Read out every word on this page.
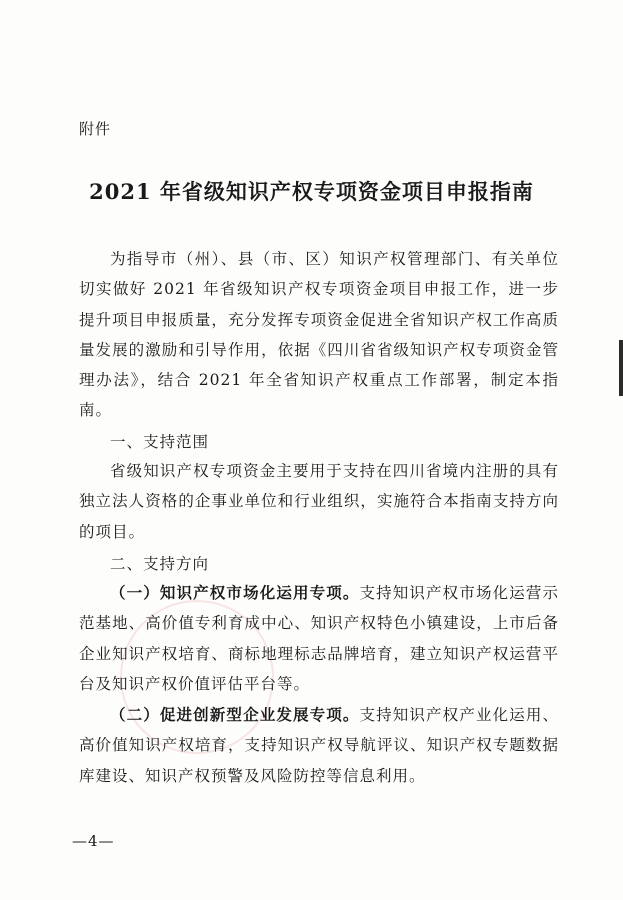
附件
2021 年省级知识产权专项资金项目申报指南
为指导市（州）、县（市、区）知识产权管理部门、有关单位切实做好 2021 年省级知识产权专项资金项目申报工作，进一步提升项目申报质量，充分发挥专项资金促进全省知识产权工作高质量发展的激励和引导作用，依据《四川省省级知识产权专项资金管理办法》，结合 2021 年全省知识产权重点工作部署，制定本指南。
一、支持范围
省级知识产权专项资金主要用于支持在四川省境内注册的具有独立法人资格的企事业单位和行业组织，实施符合本指南支持方向的项目。
二、支持方向
（一）知识产权市场化运用专项。支持知识产权市场化运营示范基地、高价值专利育成中心、知识产权特色小镇建设，上市后备企业知识产权培育、商标地理标志品牌培育，建立知识产权运营平台及知识产权价值评估平台等。
（二）促进创新型企业发展专项。支持知识产权产业化运用、高价值知识产权培育，支持知识产权导航评议、知识产权专题数据库建设、知识产权预警及风险防控等信息利用。
—4—
